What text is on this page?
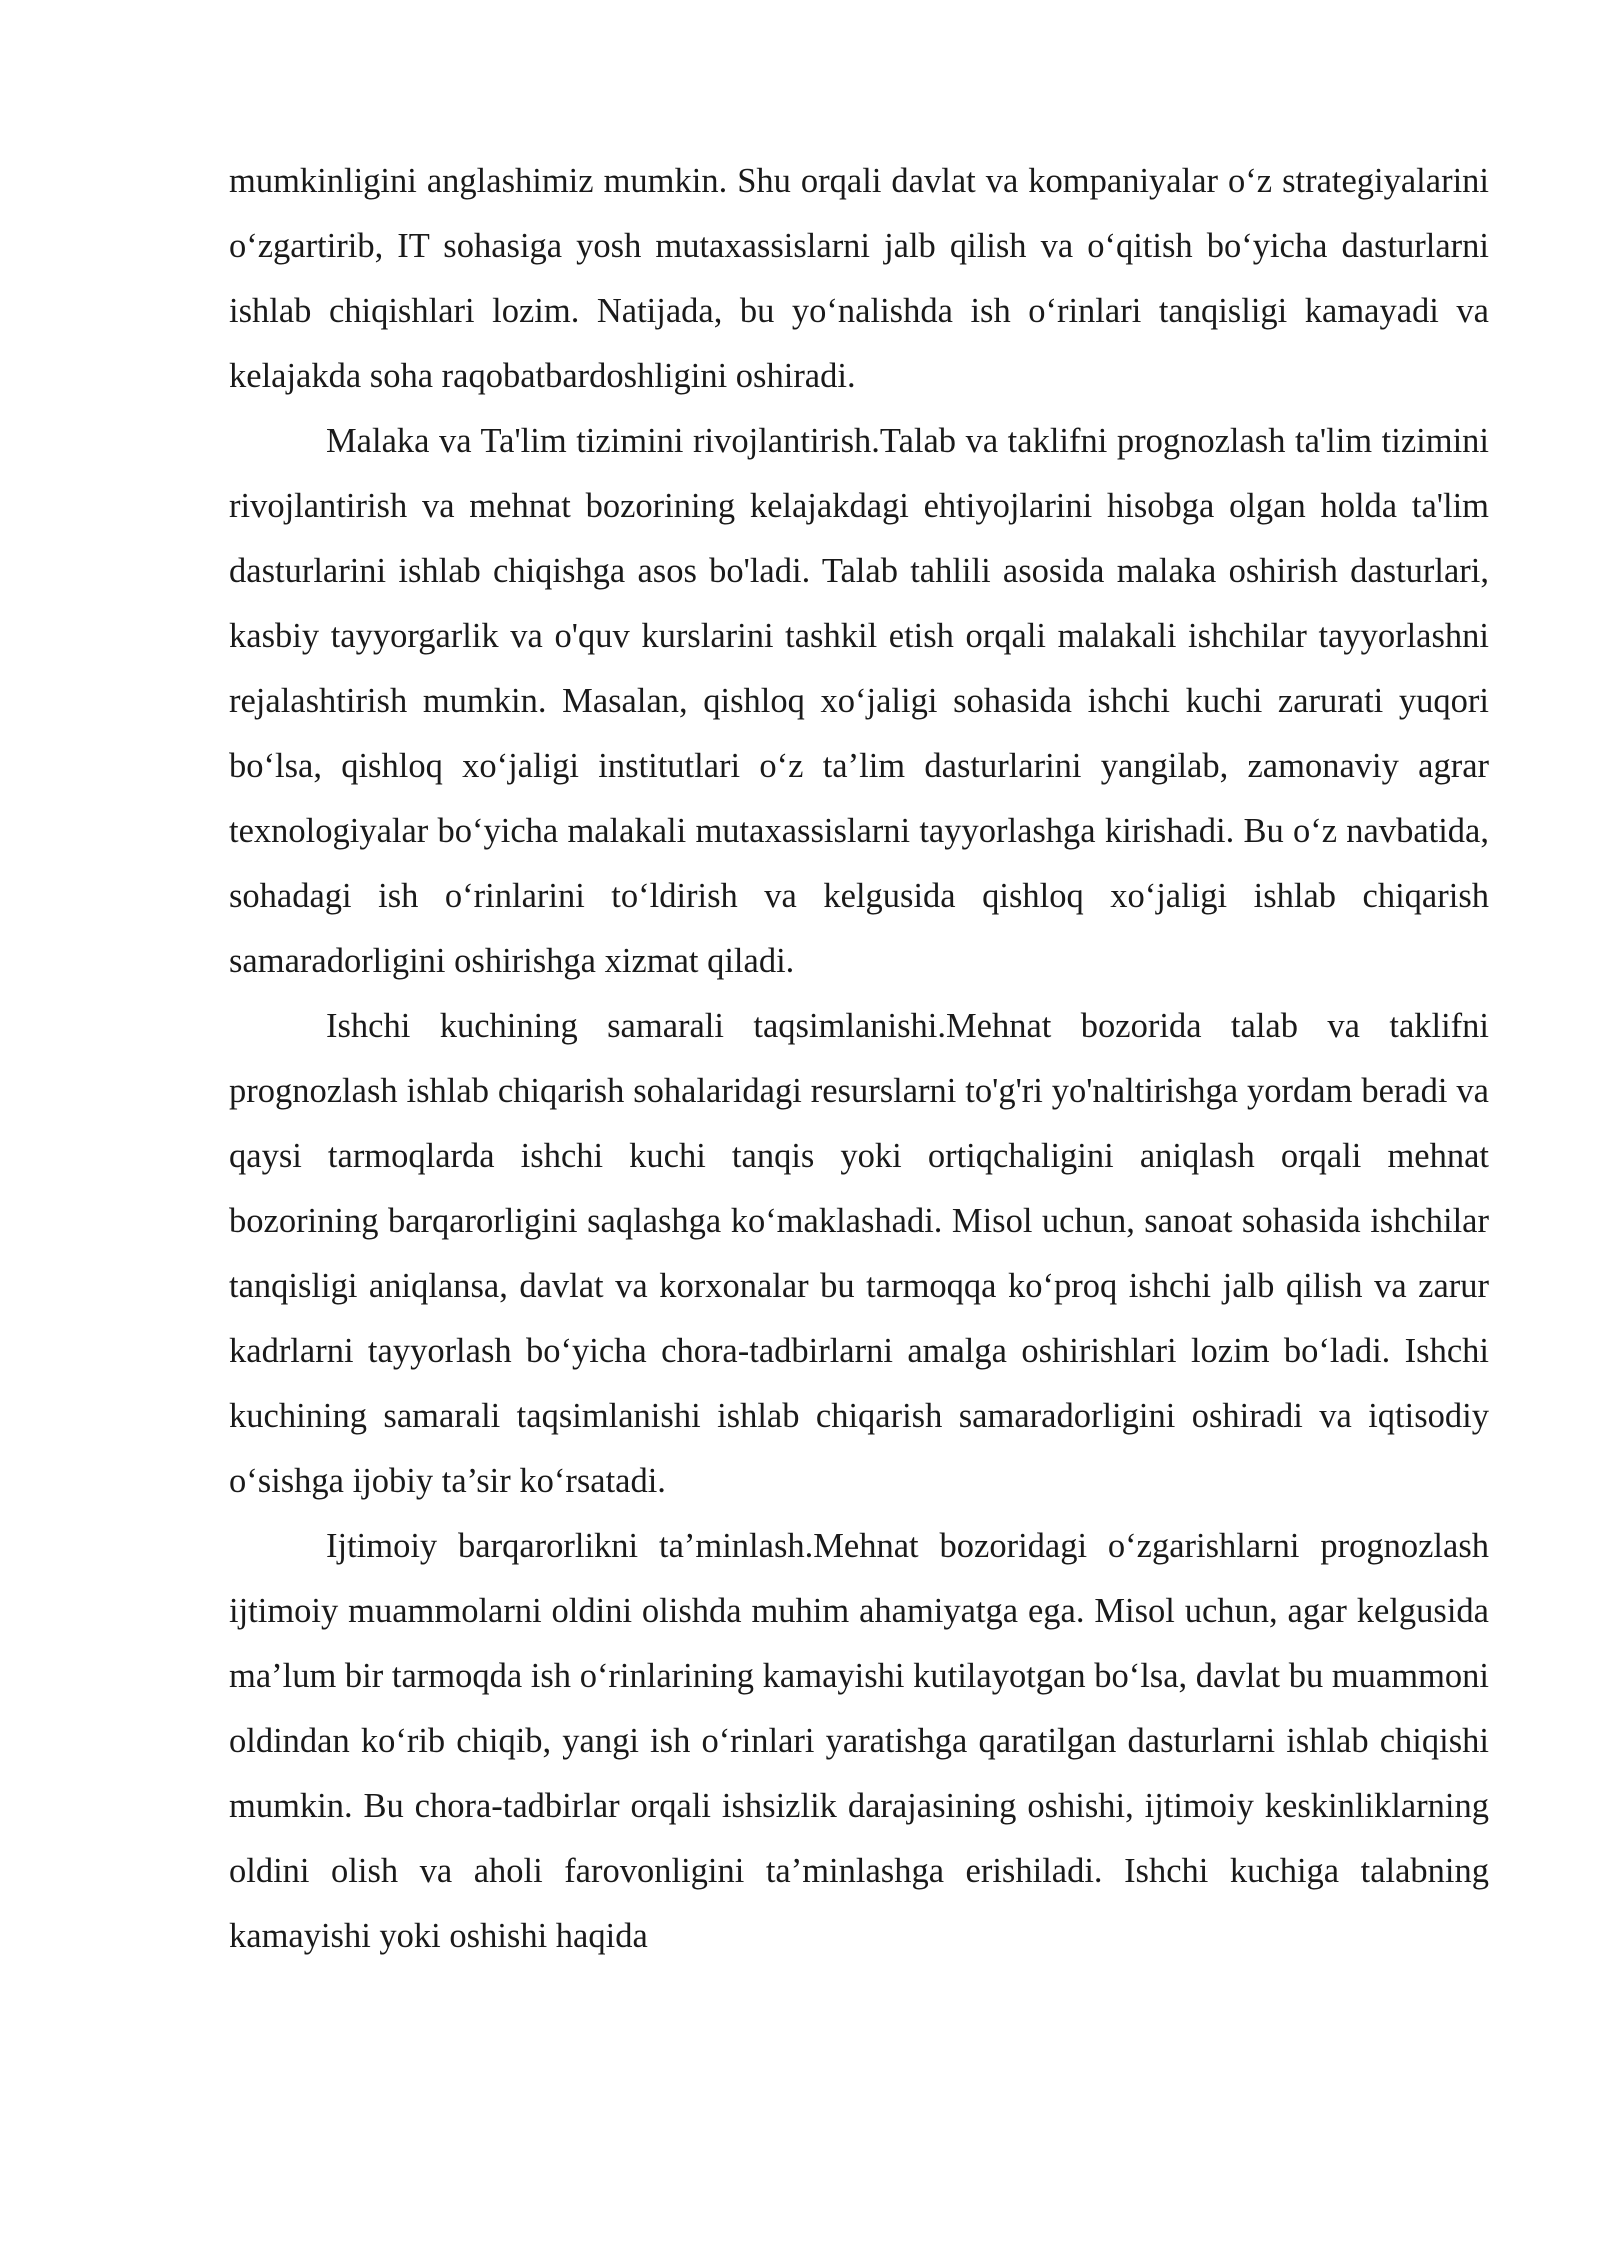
mumkinligini anglashimiz mumkin. Shu orqali davlat va kompaniyalar o‘z strategiyalarini o‘zgartirib, IT sohasiga yosh mutaxassislarni jalb qilish va o‘qitish bo‘yicha dasturlarni ishlab chiqishlari lozim. Natijada, bu yo‘nalishda ish o‘rinlari tanqisligi kamayadi va kelajakda soha raqobatbardoshligini oshiradi.

Malaka va Ta'lim tizimini rivojlantirish.Talab va taklifni prognozlash ta'lim tizimini rivojlantirish va mehnat bozorining kelajakdagi ehtiyojlarini hisobga olgan holda ta'lim dasturlarini ishlab chiqishga asos bo'ladi. Talab tahlili asosida malaka oshirish dasturlari, kasbiy tayyorgarlik va o'quv kurslarini tashkil etish orqali malakali ishchilar tayyorlashni rejalashtirish mumkin. Masalan, qishloq xo‘jaligi sohasida ishchi kuchi zarurati yuqori bo‘lsa, qishloq xo‘jaligi institutlari o‘z ta’lim dasturlarini yangilab, zamonaviy agrar texnologiyalar bo‘yicha malakali mutaxassislarni tayyorlashga kirishadi. Bu o‘z navbatida, sohadagi ish o‘rinlarini to‘ldirish va kelgusida qishloq xo‘jaligi ishlab chiqarish samaradorligini oshirishga xizmat qiladi.

Ishchi kuchining samarali taqsimlanishi.Mehnat bozorida talab va taklifni prognozlash ishlab chiqarish sohalaridagi resurslarni to'g'ri yo'naltirishga yordam beradi va qaysi tarmoqlarda ishchi kuchi tanqis yoki ortiqchaligini aniqlash orqali mehnat bozorining barqarorligini saqlashga ko‘maklashadi. Misol uchun, sanoat sohasida ishchilar tanqisligi aniqlansa, davlat va korxonalar bu tarmoqqa ko‘proq ishchi jalb qilish va zarur kadrlarni tayyorlash bo‘yicha chora-tadbirlarni amalga oshirishlari lozim bo‘ladi. Ishchi kuchining samarali taqsimlanishi ishlab chiqarish samaradorligini oshiradi va iqtisodiy o‘sishga ijobiy ta’sir ko‘rsatadi.

Ijtimoiy barqarorlikni ta’minlash.Mehnat bozoridagi o‘zgarishlarni prognozlash ijtimoiy muammolarni oldini olishda muhim ahamiyatga ega. Misol uchun, agar kelgusida ma’lum bir tarmoqda ish o‘rinlarining kamayishi kutilayotgan bo‘lsa, davlat bu muammoni oldindan ko‘rib chiqib, yangi ish o‘rinlari yaratishga qaratilgan dasturlarni ishlab chiqishi mumkin. Bu chora-tadbirlar orqali ishsizlik darajasining oshishi, ijtimoiy keskinliklarning oldini olish va aholi farovonligini ta’minlashga erishiladi. Ishchi kuchiga talabning kamayishi yoki oshishi haqida
